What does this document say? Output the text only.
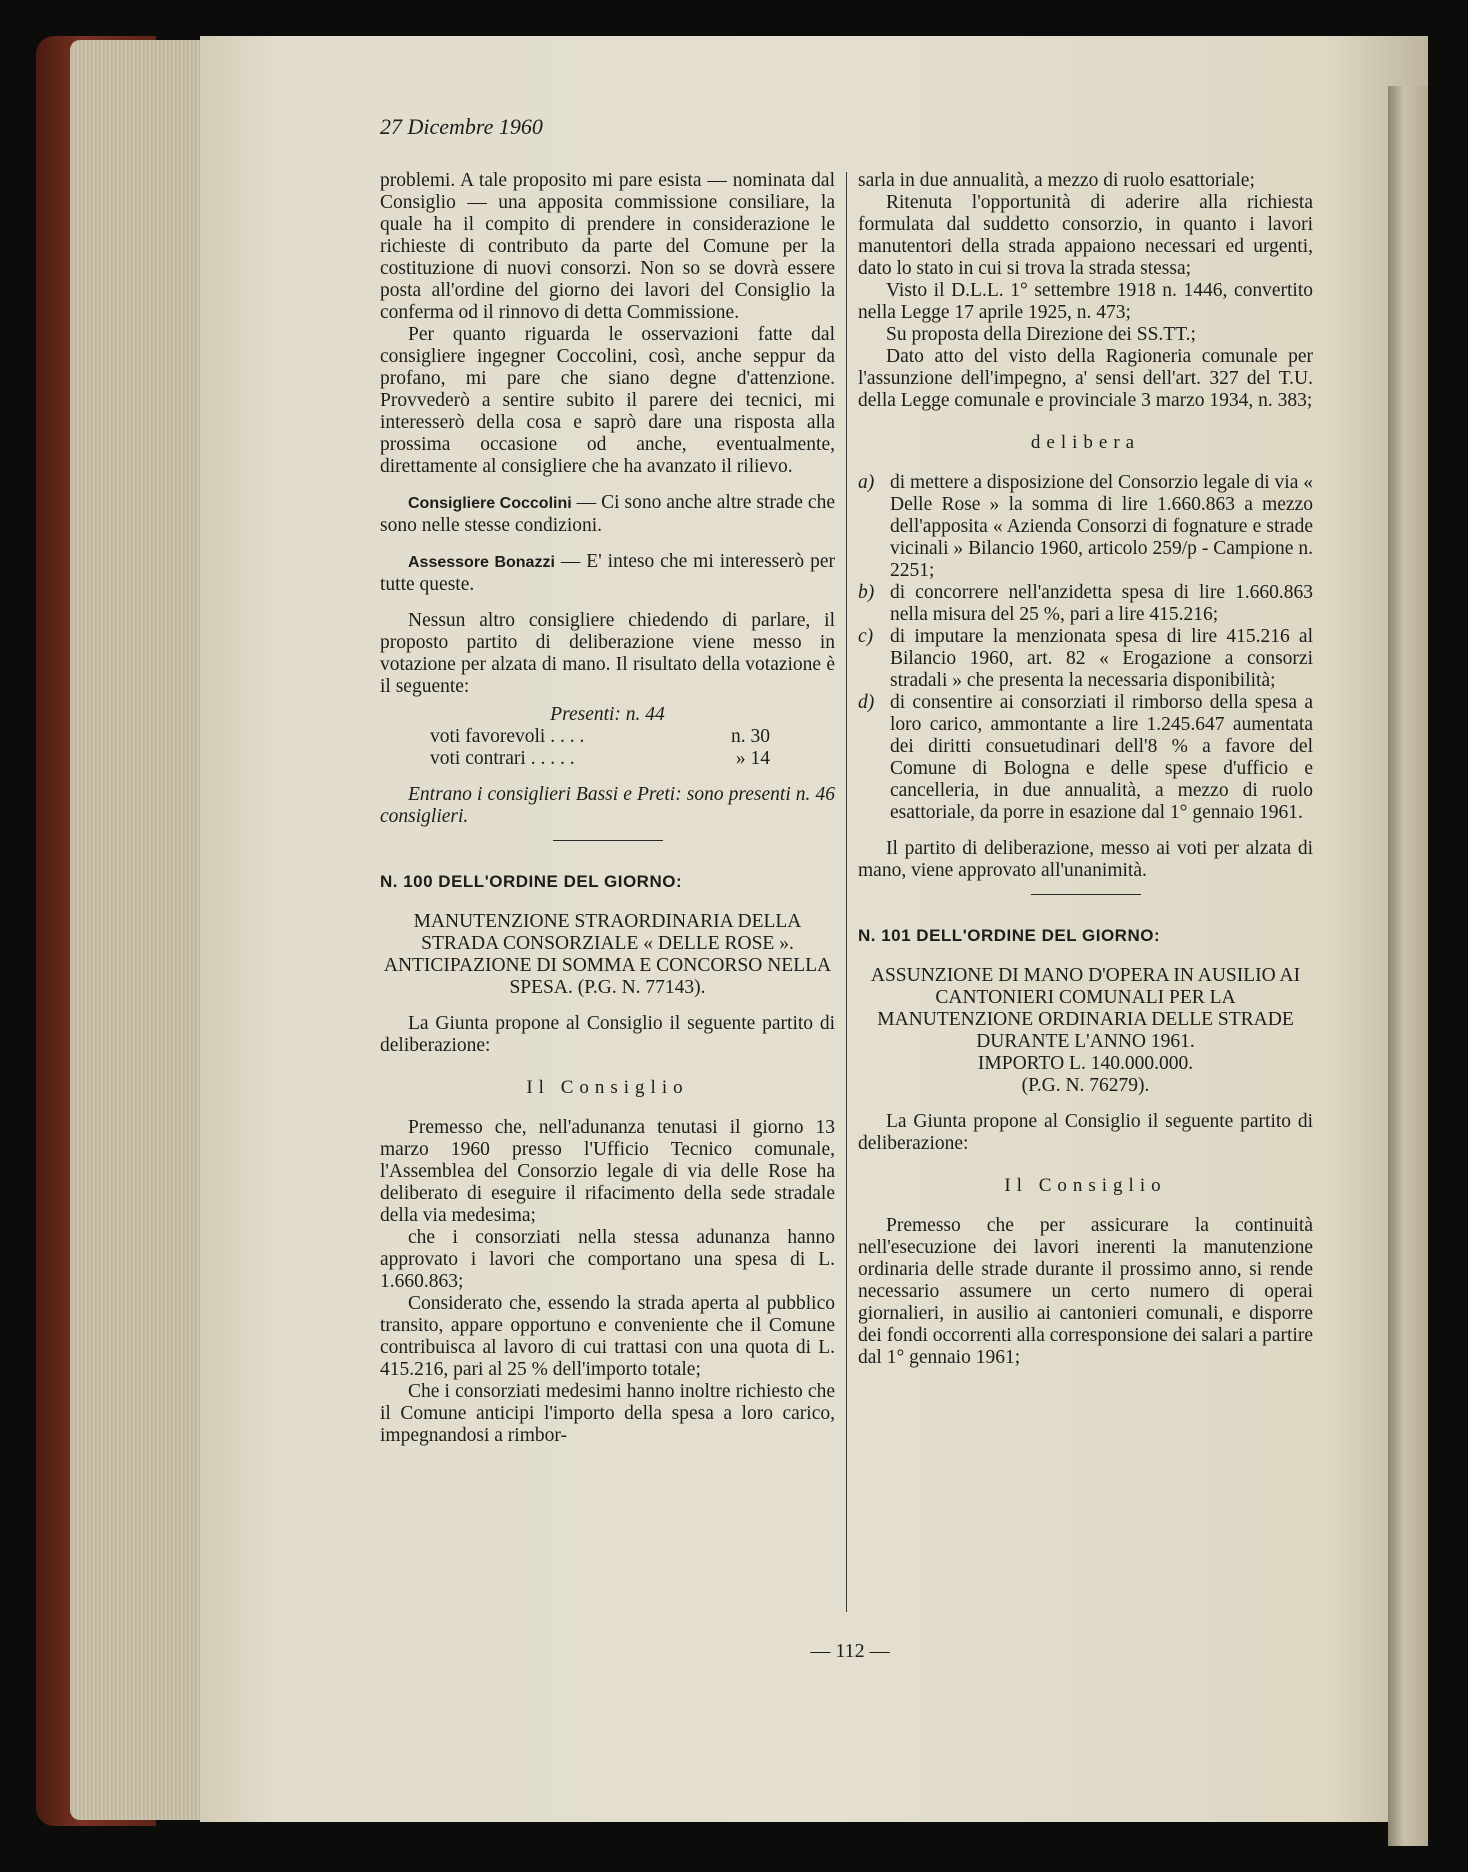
27 Dicembre 1960

problemi. A tale proposito mi pare esista — nominata dal Consiglio — una apposita commissione consiliare, la quale ha il compito di prendere in considerazione le richieste di contributo da parte del Comune per la costituzione di nuovi consorzi. Non so se dovrà essere posta all'ordine del giorno dei lavori del Consiglio la conferma od il rinnovo di detta Commissione.

Per quanto riguarda le osservazioni fatte dal consigliere ingegner Coccolini, così, anche seppur da profano, mi pare che siano degne d'attenzione. Provvederò a sentire subito il parere dei tecnici, mi interesserò della cosa e saprò dare una risposta alla prossima occasione od anche, eventualmente, direttamente al consigliere che ha avanzato il rilievo.

Consigliere Coccolini — Ci sono anche altre strade che sono nelle stesse condizioni.

Assessore Bonazzi — E' inteso che mi interesserò per tutte queste.

Nessun altro consigliere chiedendo di parlare, il proposto partito di deliberazione viene messo in votazione per alzata di mano. Il risultato della votazione è il seguente:

Presenti: n. 44

voti favorevoli . . . .	n. 30
voti contrari . . . . .	» 14

Entrano i consiglieri Bassi e Preti: sono presenti n. 46 consiglieri.

N. 100 DELL'ORDINE DEL GIORNO:

MANUTENZIONE STRAORDINARIA DELLA STRADA CONSORZIALE « DELLE ROSE ». ANTICIPAZIONE DI SOMMA E CONCORSO NELLA SPESA. (P.G. N. 77143).

La Giunta propone al Consiglio il seguente partito di deliberazione:

Il Consiglio

Premesso che, nell'adunanza tenutasi il giorno 13 marzo 1960 presso l'Ufficio Tecnico comunale, l'Assemblea del Consorzio legale di via delle Rose ha deliberato di eseguire il rifacimento della sede stradale della via medesima;

che i consorziati nella stessa adunanza hanno approvato i lavori che comportano una spesa di L. 1.660.863;

Considerato che, essendo la strada aperta al pubblico transito, appare opportuno e conveniente che il Comune contribuisca al lavoro di cui trattasi con una quota di L. 415.216, pari al 25 % dell'importo totale;

Che i consorziati medesimi hanno inoltre richiesto che il Comune anticipi l'importo della spesa a loro carico, impegnandosi a rimbor-

sarla in due annualità, a mezzo di ruolo esattoriale;

Ritenuta l'opportunità di aderire alla richiesta formulata dal suddetto consorzio, in quanto i lavori manutentori della strada appaiono necessari ed urgenti, dato lo stato in cui si trova la strada stessa;

Visto il D.L.L. 1° settembre 1918 n. 1446, convertito nella Legge 17 aprile 1925, n. 473;

Su proposta della Direzione dei SS.TT.;

Dato atto del visto della Ragioneria comunale per l'assunzione dell'impegno, a' sensi dell'art. 327 del T.U. della Legge comunale e provinciale 3 marzo 1934, n. 383;

delibera

a) di mettere a disposizione del Consorzio legale di via « Delle Rose » la somma di lire 1.660.863 a mezzo dell'apposita « Azienda Consorzi di fognature e strade vicinali » Bilancio 1960, articolo 259/p - Campione n. 2251;
b) di concorrere nell'anzidetta spesa di lire 1.660.863 nella misura del 25 %, pari a lire 415.216;
c) di imputare la menzionata spesa di lire 415.216 al Bilancio 1960, art. 82 « Erogazione a consorzi stradali » che presenta la necessaria disponibilità;
d) di consentire ai consorziati il rimborso della spesa a loro carico, ammontante a lire 1.245.647 aumentata dei diritti consuetudinari dell'8 % a favore del Comune di Bologna e delle spese d'ufficio e cancelleria, in due annualità, a mezzo di ruolo esattoriale, da porre in esazione dal 1° gennaio 1961.

Il partito di deliberazione, messo ai voti per alzata di mano, viene approvato all'unanimità.

N. 101 DELL'ORDINE DEL GIORNO:

ASSUNZIONE DI MANO D'OPERA IN AUSILIO AI CANTONIERI COMUNALI PER LA MANUTENZIONE ORDINARIA DELLE STRADE DURANTE L'ANNO 1961.

IMPORTO L. 140.000.000.

(P.G. N. 76279).

La Giunta propone al Consiglio il seguente partito di deliberazione:

Il Consiglio

Premesso che per assicurare la continuità nell'esecuzione dei lavori inerenti la manutenzione ordinaria delle strade durante il prossimo anno, si rende necessario assumere un certo numero di operai giornalieri, in ausilio ai cantonieri comunali, e disporre dei fondi occorrenti alla corresponsione dei salari a partire dal 1° gennaio 1961;

— 112 —
